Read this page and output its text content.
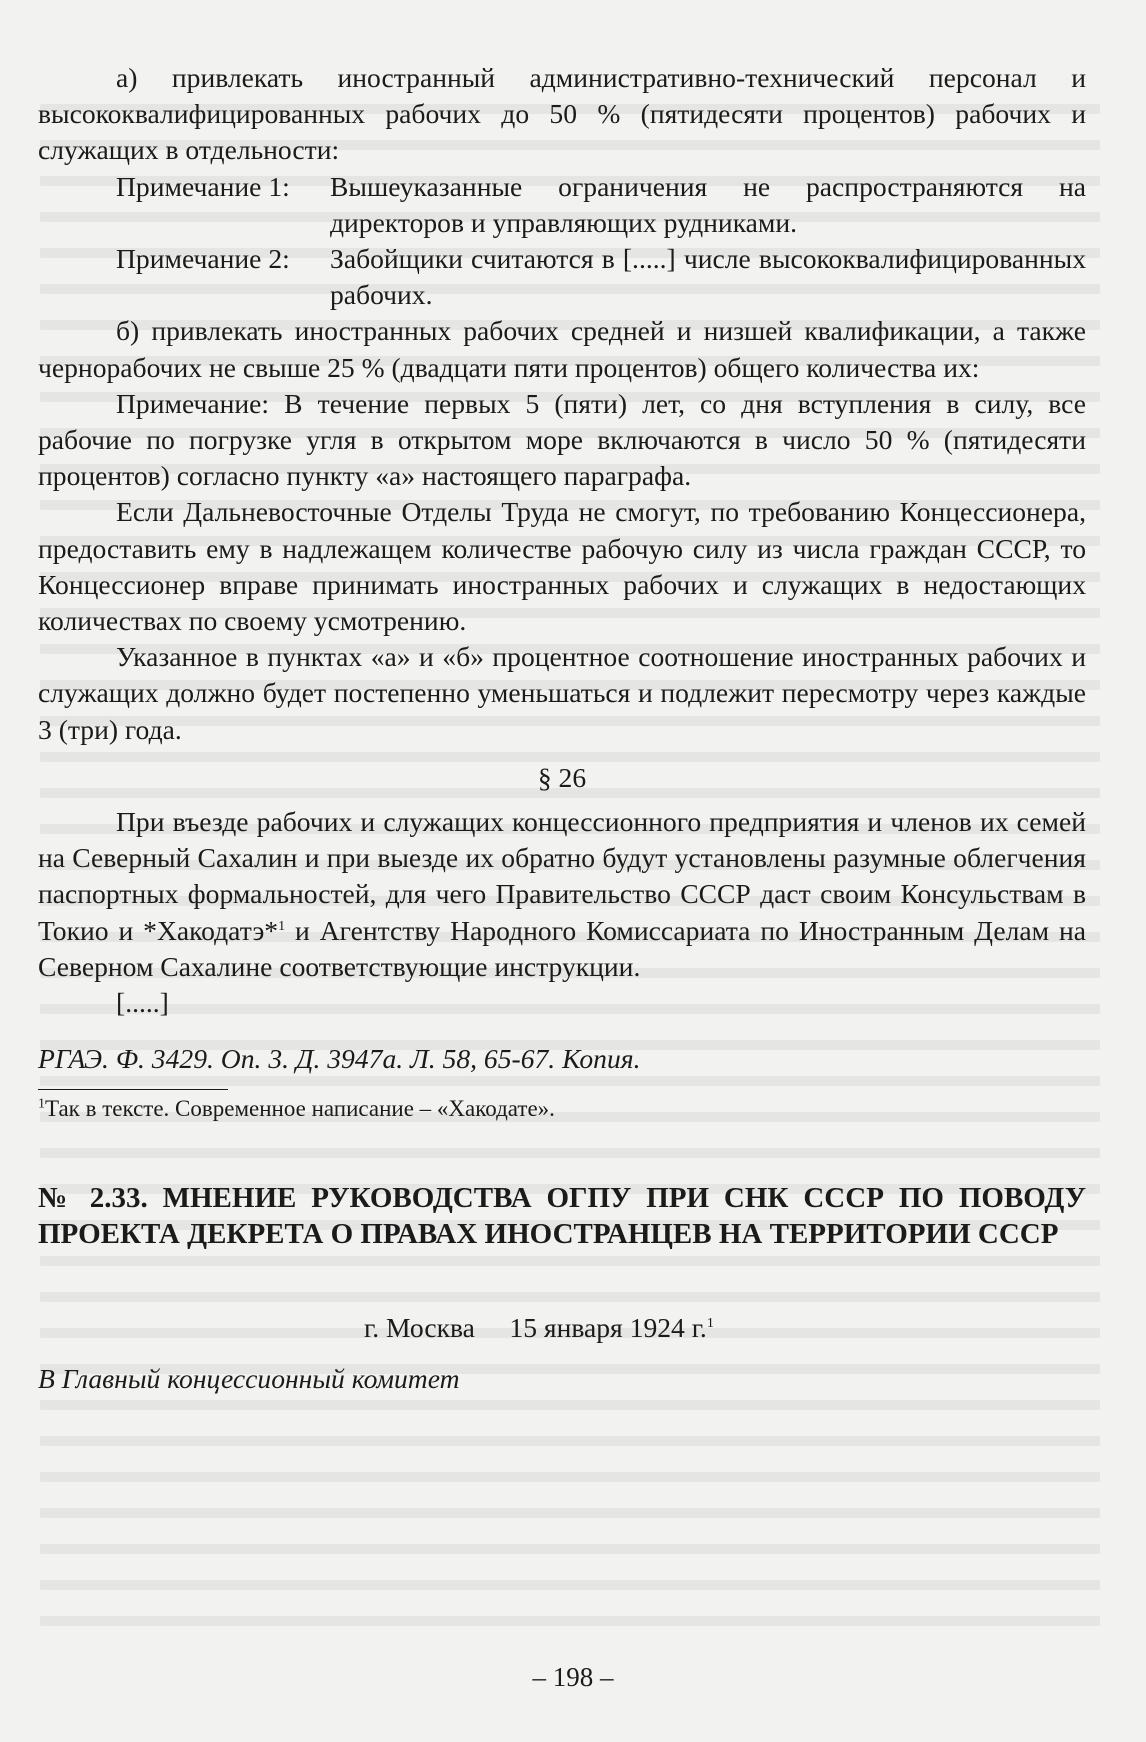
а) привлекать иностранный административно-технический персонал и высококвалифицированных рабочих до 50 % (пятидесяти процентов) рабочих и служащих в отдельности:

Примечание 1:	Вышеуказанные ограничения не распространяются на директоров и управляющих рудниками.
Примечание 2:	Забойщики считаются в [.....] числе высококвалифицированных рабочих.

б) привлекать иностранных рабочих средней и низшей квалификации, а также чернорабочих не свыше 25 % (двадцати пяти процентов) общего количества их:

Примечание: В течение первых 5 (пяти) лет, со дня вступления в силу, все рабочие по погрузке угля в открытом море включаются в число 50 % (пятидесяти процентов) согласно пункту «а» настоящего параграфа.

Если Дальневосточные Отделы Труда не смогут, по требованию Концессионера, предоставить ему в надлежащем количестве рабочую силу из числа граждан СССР, то Концессионер вправе принимать иностранных рабочих и служащих в недостающих количествах по своему усмотрению.

Указанное в пунктах «а» и «б» процентное соотношение иностранных рабочих и служащих должно будет постепенно уменьшаться и подлежит пересмотру через каждые 3 (три) года.

§ 26

При въезде рабочих и служащих концессионного предприятия и членов их семей на Северный Сахалин и при выезде их обратно будут установлены разумные облегчения паспортных формальностей, для чего Правительство СССР даст своим Консульствам в Токио и *Хакодатэ*$^1$ и Агентству Народного Комиссариата по Иностранным Делам на Северном Сахалине соответствующие инструкции.

[.....]

РГАЭ. Ф. 3429. Оп. 3. Д. 3947а. Л. 58, 65-67. Копия.

$^1$Так в тексте. Современное написание – «Хакодате».

№ 2.33. МНЕНИЕ РУКОВОДСТВА ОГПУ ПРИ СНК СССР ПО ПОВОДУ ПРОЕКТА ДЕКРЕТА О ПРАВАХ ИНОСТРАНЦЕВ НА ТЕРРИТОРИИ СССР

г. Москва     15 января 1924 г.$^1$

В Главный концессионный комитет

– 198 –
